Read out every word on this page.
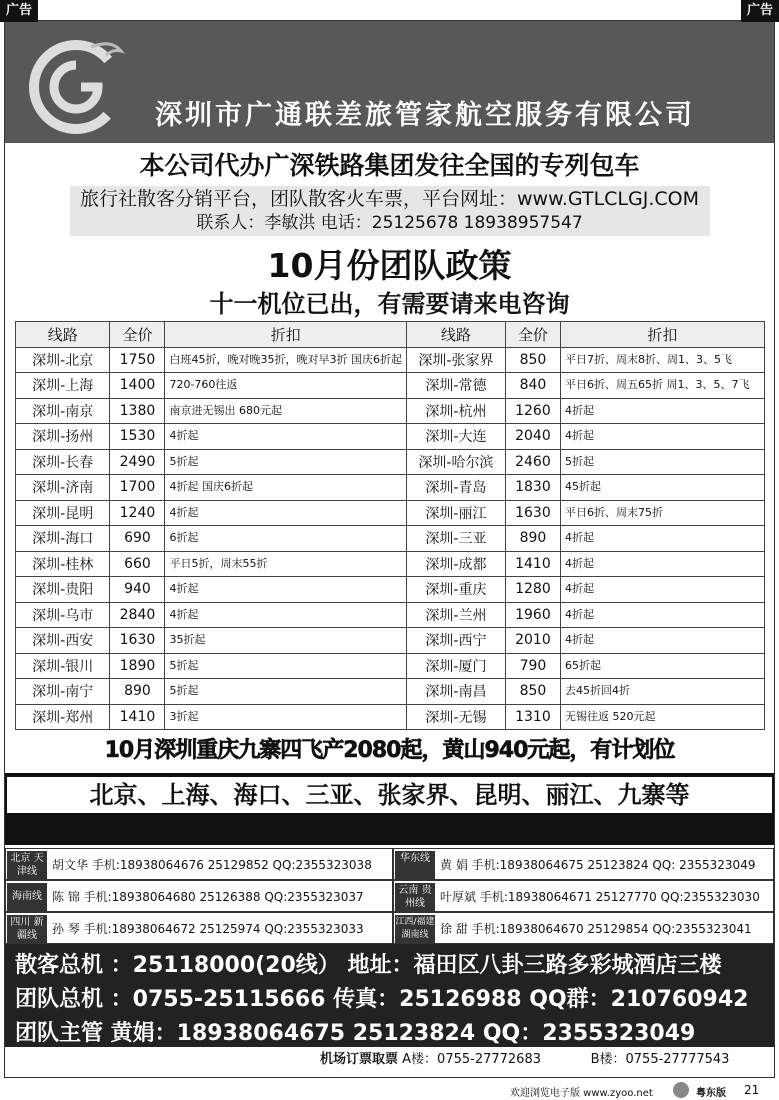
广告	广告
深圳市广通联差旅管家航空服务有限公司
本公司代办广深铁路集团发往全国的专列包车
旅行社散客分销平台，团队散客火车票，平台网址：www.GTLCLGJ.COM
联系人：李敏洪 电话：25125678 18938957547
10月份团队政策
十一机位已出，有需要请来电咨询
线路	全价	折扣	线路	全价	折扣
深圳-北京	1750	白班45折，晚对晚35折，晚对早3折 国庆6折起	深圳-张家界	850	平日7折、周末8折、周1、3、5飞
深圳-上海	1400	720-760往返	深圳-常德	840	平日6折、周五65折 周1、3、5、7飞
深圳-南京	1380	南京进无锡出 680元起	深圳-杭州	1260	4折起
深圳-扬州	1530	4折起	深圳-大连	2040	4折起
深圳-长春	2490	5折起	深圳-哈尔滨	2460	5折起
深圳-济南	1700	4折起 国庆6折起	深圳-青岛	1830	45折起
深圳-昆明	1240	4折起	深圳-丽江	1630	平日6折、周末75折
深圳-海口	690	6折起	深圳-三亚	890	4折起
深圳-桂林	660	平日5折，周末55折	深圳-成都	1410	4折起
深圳-贵阳	940	4折起	深圳-重庆	1280	4折起
深圳-乌市	2840	4折起	深圳-兰州	1960	4折起
深圳-西安	1630	35折起	深圳-西宁	2010	4折起
深圳-银川	1890	5折起	深圳-厦门	790	65折起
深圳-南宁	890	5折起	深圳-南昌	850	去45折回4折
深圳-郑州	1410	3折起	深圳-无锡	1310	无锡往返 520元起
10月深圳重庆九寨四飞产2080起，黄山940元起，有计划位
北京、上海、海口、三亚、张家界、昆明、丽江、九寨等
多条旅游线路均有固定计划位！
北京 天津线	胡文华 手机:18938064676 25129852 QQ:2355323038	华东线 黄 娟 手机:18938064675 25123824 QQ: 2355323049
海南线 陈 锦 手机:18938064680 25126388 QQ:2355323037	云南 贵州线	叶厚斌 手机:18938064671 25127770 QQ:2355323030
四川 新疆线	孙 琴 手机:18938064672 25125974 QQ:2355323033	江西/福建 湖南线 徐 甜 手机:18938064670 25129854 QQ:2355323041
散客总机 ：25118000(20线） 地址：福田区八卦三路多彩城酒店三楼
团队总机 ：0755-25115666 传真：25126988 QQ群：210760942
团队主管 黄娟：18938064675 25123824 QQ：2355323049
机场订票取票 A楼：0755-27772683	B楼：0755-27777543
欢迎浏览电子版 www.zyoo.net	粤东版 21
